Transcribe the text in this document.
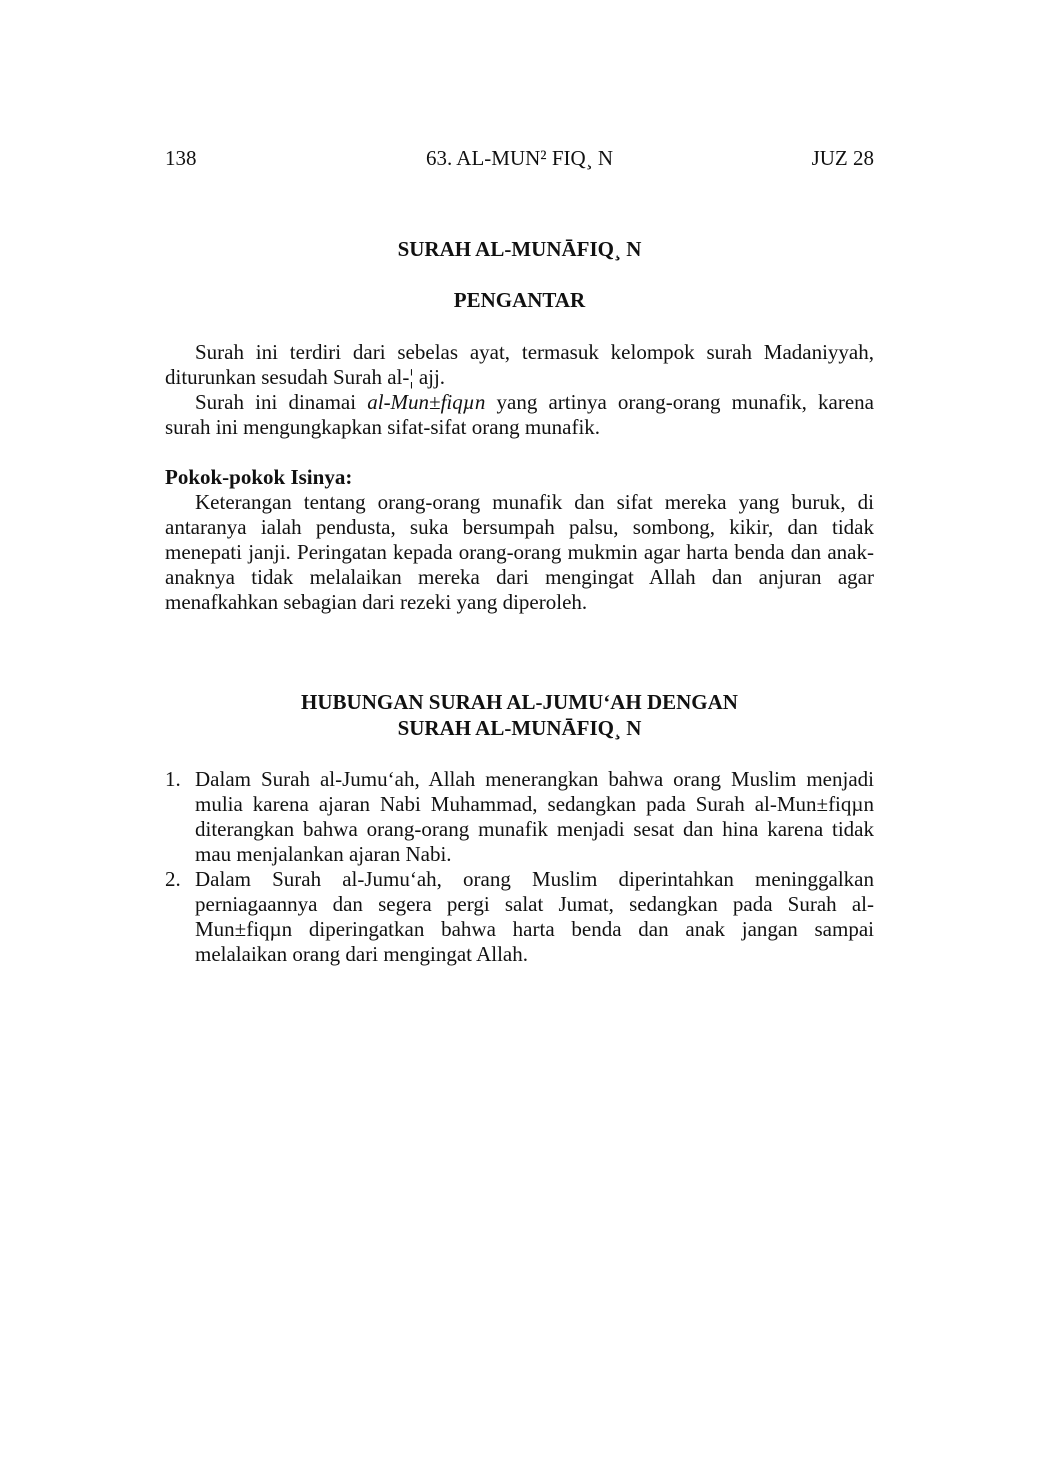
138	63. AL-MUN² FIQ¸ N	JUZ 28
SURAH AL-MUNĀFIQ¸ N
PENGANTAR

Surah ini terdiri dari sebelas ayat, termasuk kelompok surah Madaniyyah, diturunkan sesudah Surah al-¦ ajj.

Surah ini dinamai al-Mun±fiqµn yang artinya orang-orang munafik, karena surah ini mengungkapkan sifat-sifat orang munafik.

Pokok-pokok Isinya:

Keterangan tentang orang-orang munafik dan sifat mereka yang buruk, di antaranya ialah pendusta, suka bersumpah palsu, sombong, kikir, dan tidak menepati janji. Peringatan kepada orang-orang mukmin agar harta benda dan anak-anaknya tidak melalaikan mereka dari mengingat Allah dan anjuran agar menafkahkan sebagian dari rezeki yang diperoleh.

HUBUNGAN SURAH AL-JUMU‘AH DENGAN
SURAH AL-MUNĀFIQ¸ N
1. Dalam Surah al-Jumu‘ah, Allah menerangkan bahwa orang Muslim menjadi mulia karena ajaran Nabi Muhammad, sedangkan pada Surah al-Mun±fiqµn diterangkan bahwa orang-orang munafik menjadi sesat dan hina karena tidak mau menjalankan ajaran Nabi.
2. Dalam Surah al-Jumu‘ah, orang Muslim diperintahkan meninggalkan perniagaannya dan segera pergi salat Jumat, sedangkan pada Surah al-Mun±fiqµn diperingatkan bahwa harta benda dan anak jangan sampai melalaikan orang dari mengingat Allah.
